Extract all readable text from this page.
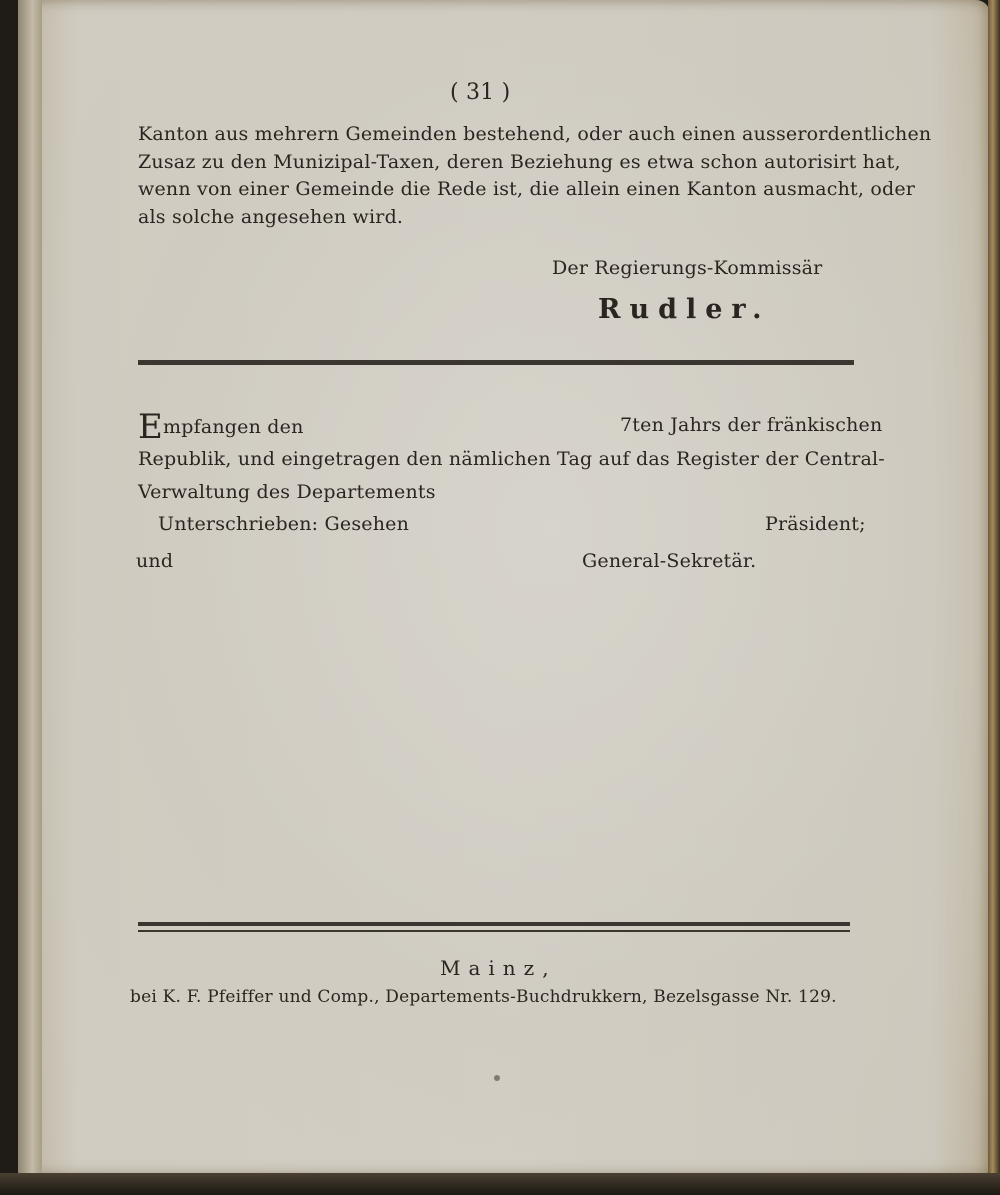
( 31 )
Kanton aus mehrern Gemeinden bestehend, oder auch einen ausserordentlichen
Zusaz zu den Munizipal-Taxen, deren Beziehung es etwa schon autorisirt hat,
wenn von einer Gemeinde die Rede ist, die allein einen Kanton ausmacht, oder
als solche angesehen wird.
Der Regierungs-Kommissär
Rudler.
Empfangen den	7ten Jahrs der fränkischen
Republik, und eingetragen den nämlichen Tag auf das Register der Central-
Verwaltung des Departements
Unterschrieben: Gesehen	Präsident;
und	General-Sekretär.
Mainz,
bei K. F. Pfeiffer und Comp., Departements-Buchdrukkern, Bezelsgasse Nr. 129.
